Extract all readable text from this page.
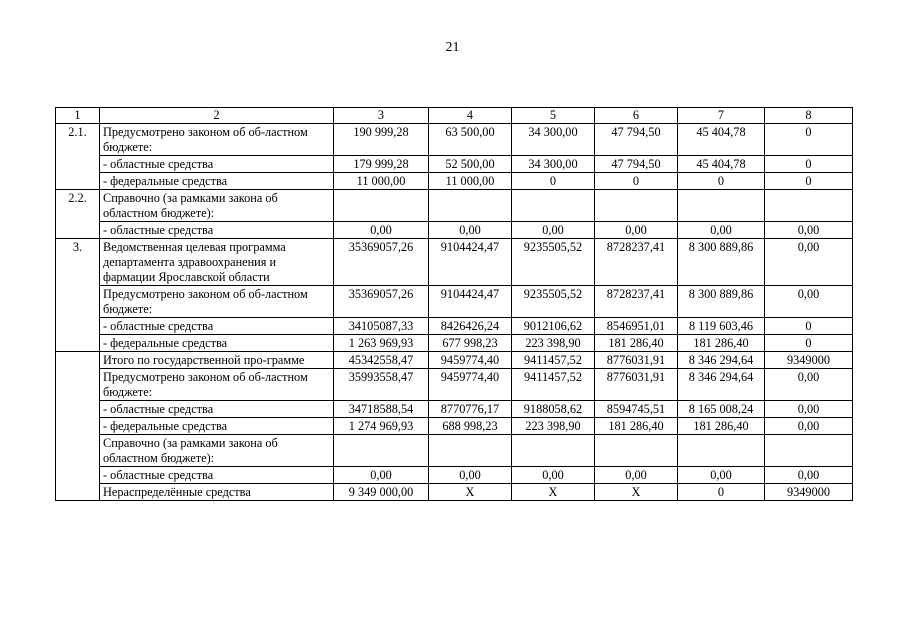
21
1	2	3	4	5	6	7	8
2.1.	Предусмотрено законом об об-ластном бюджете:	190 999,28	63 500,00	34 300,00	47 794,50	45 404,78	0
	- областные средства	179 999,28	52 500,00	34 300,00	47 794,50	45 404,78	0
	- федеральные средства	11 000,00	11 000,00	0	0	0	0
2.2.	Справочно (за рамками закона об областном бюджете):						
	- областные средства	0,00	0,00	0,00	0,00	0,00	0,00
3.	Ведомственная целевая программа департамента здравоохранения и фармации Ярославской области	35369057,26	9104424,47	9235505,52	8728237,41	8 300 889,86	0,00
	Предусмотрено законом об об-ластном бюджете:	35369057,26	9104424,47	9235505,52	8728237,41	8 300 889,86	0,00
	- областные средства	34105087,33	8426426,24	9012106,62	8546951,01	8 119 603,46	0
	- федеральные средства	1 263 969,93	677 998,23	223 398,90	181 286,40	181 286,40	0
	Итого по государственной про-грамме	45342558,47	9459774,40	9411457,52	8776031,91	8 346 294,64	9349000
	Предусмотрено законом об об-ластном бюджете:	35993558,47	9459774,40	9411457,52	8776031,91	8 346 294,64	0,00
	- областные средства	34718588,54	8770776,17	9188058,62	8594745,51	8 165 008,24	0,00
	- федеральные средства	1 274 969,93	688 998,23	223 398,90	181 286,40	181 286,40	0,00
	Справочно (за рамками закона об областном бюджете):						
	- областные средства	0,00	0,00	0,00	0,00	0,00	0,00
	Нераспределённые средства	9 349 000,00	Х	Х	Х	0	9349000
